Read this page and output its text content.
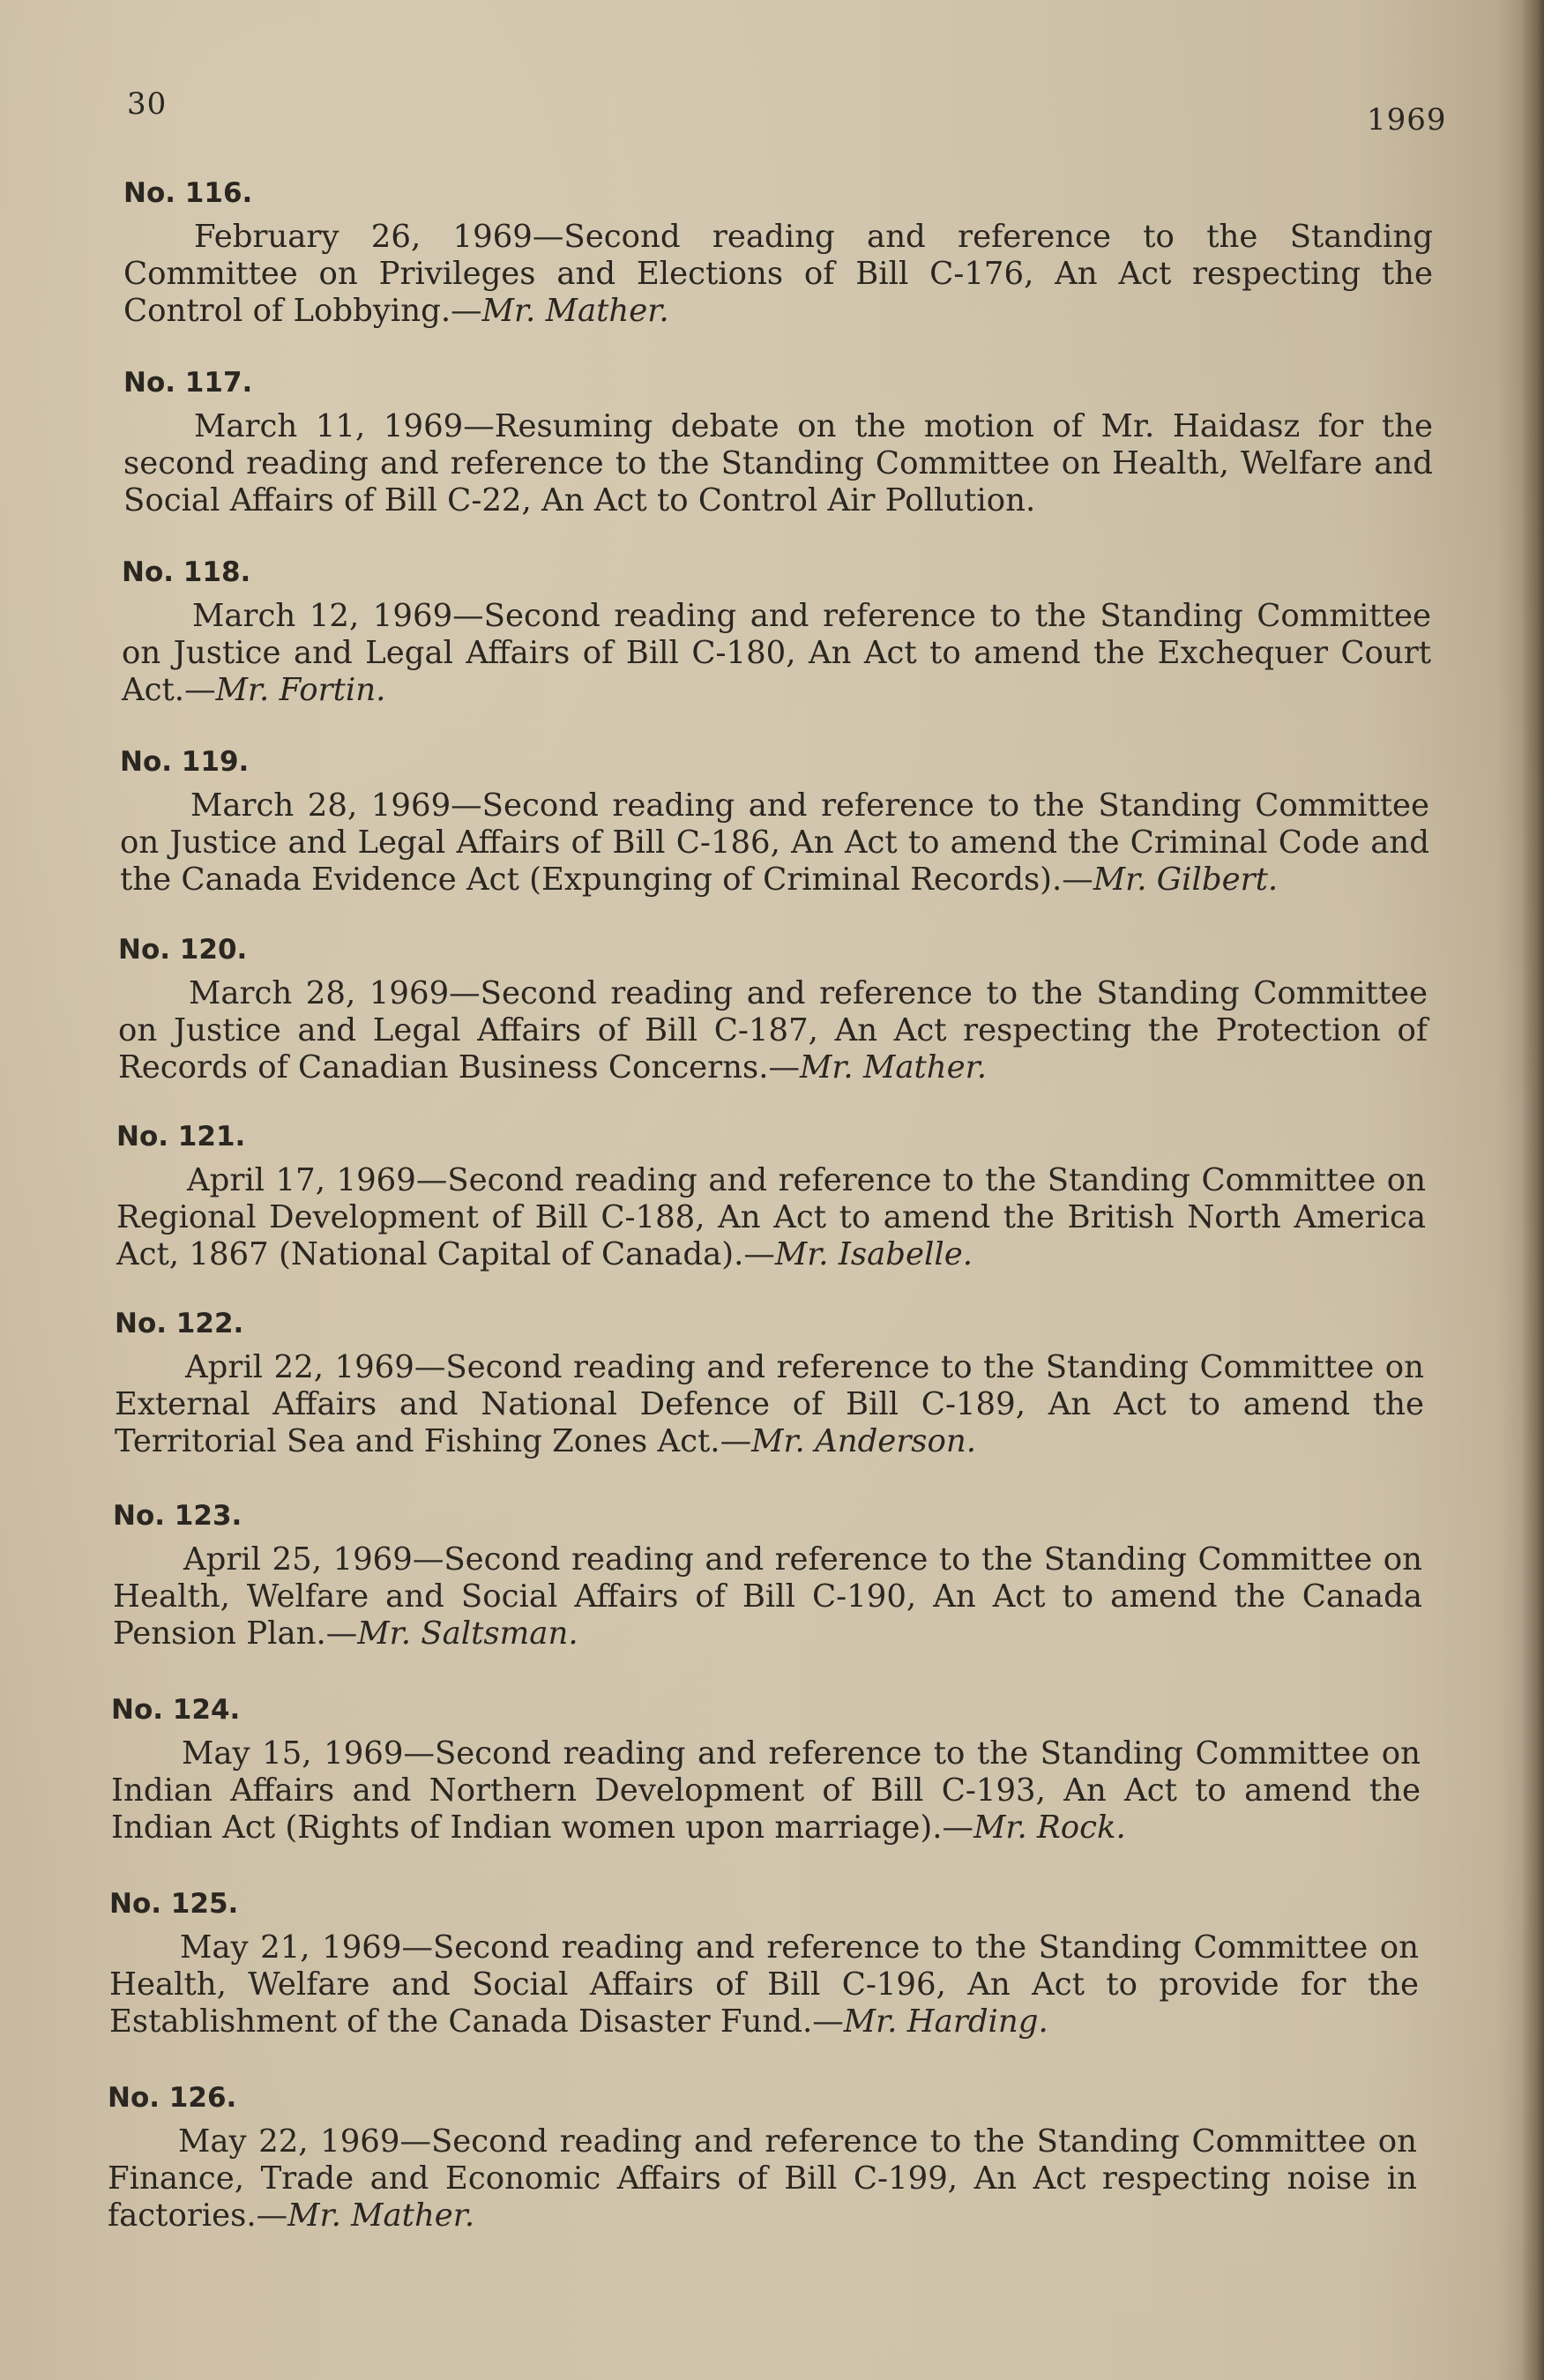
30	1969
No. 116.

February 26, 1969—Second reading and reference to the Standing Committee on Privileges and Elections of Bill C-176, An Act respecting the Control of Lobbying.—Mr. Mather.

No. 117.

March 11, 1969—Resuming debate on the motion of Mr. Haidasz for the second reading and reference to the Standing Committee on Health, Welfare and Social Affairs of Bill C-22, An Act to Control Air Pollution.

No. 118.

March 12, 1969—Second reading and reference to the Standing Committee on Justice and Legal Affairs of Bill C-180, An Act to amend the Exchequer Court Act.—Mr. Fortin.

No. 119.

March 28, 1969—Second reading and reference to the Standing Committee on Justice and Legal Affairs of Bill C-186, An Act to amend the Criminal Code and the Canada Evidence Act (Expunging of Criminal Records).—Mr. Gilbert.

No. 120.

March 28, 1969—Second reading and reference to the Standing Committee on Justice and Legal Affairs of Bill C-187, An Act respecting the Protection of Records of Canadian Business Concerns.—Mr. Mather.

No. 121.

April 17, 1969—Second reading and reference to the Standing Committee on Regional Development of Bill C-188, An Act to amend the British North America Act, 1867 (National Capital of Canada).—Mr. Isabelle.

No. 122.

April 22, 1969—Second reading and reference to the Standing Committee on External Affairs and National Defence of Bill C-189, An Act to amend the Territorial Sea and Fishing Zones Act.—Mr. Anderson.

No. 123.

April 25, 1969—Second reading and reference to the Standing Committee on Health, Welfare and Social Affairs of Bill C-190, An Act to amend the Canada Pension Plan.—Mr. Saltsman.

No. 124.

May 15, 1969—Second reading and reference to the Standing Committee on Indian Affairs and Northern Development of Bill C-193, An Act to amend the Indian Act (Rights of Indian women upon marriage).—Mr. Rock.

No. 125.

May 21, 1969—Second reading and reference to the Standing Committee on Health, Welfare and Social Affairs of Bill C-196, An Act to provide for the Establishment of the Canada Disaster Fund.—Mr. Harding.

No. 126.

May 22, 1969—Second reading and reference to the Standing Committee on Finance, Trade and Economic Affairs of Bill C-199, An Act respecting noise in factories.—Mr. Mather.
